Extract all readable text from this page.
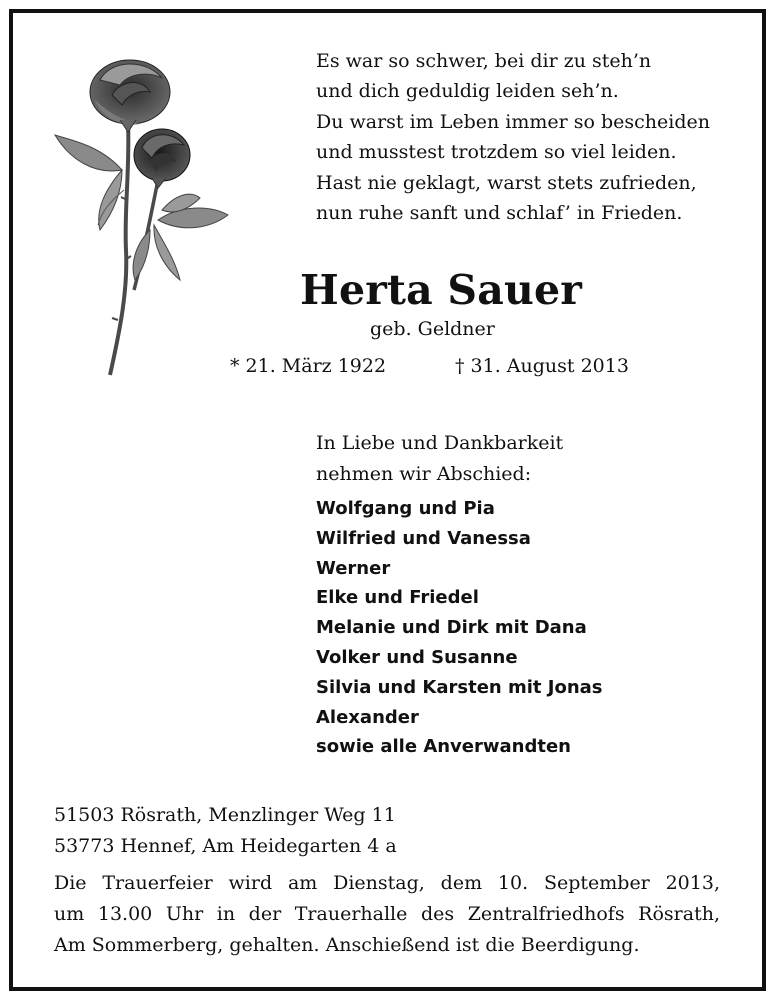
Es war so schwer, bei dir zu steh’n
und dich geduldig leiden seh’n.
Du warst im Leben immer so bescheiden
und musstest trotzdem so viel leiden.
Hast nie geklagt, warst stets zufrieden,
nun ruhe sanft und schlaf’ in Frieden.
Herta Sauer
geb. Geldner
* 21. März 1922	† 31. August 2013
In Liebe und Dankbarkeit
nehmen wir Abschied:
Wolfgang und Pia
Wilfried und Vanessa
Werner
Elke und Friedel
Melanie und Dirk mit Dana
Volker und Susanne
Silvia und Karsten mit Jonas
Alexander
sowie alle Anverwandten
51503 Rösrath, Menzlinger Weg 11
53773 Hennef, Am Heidegarten 4 a
Die Trauerfeier wird am Dienstag, dem 10. September 2013,
um 13.00 Uhr in der Trauerhalle des Zentralfriedhofs Rösrath,
Am Sommerberg, gehalten. Anschießend ist die Beerdigung.
